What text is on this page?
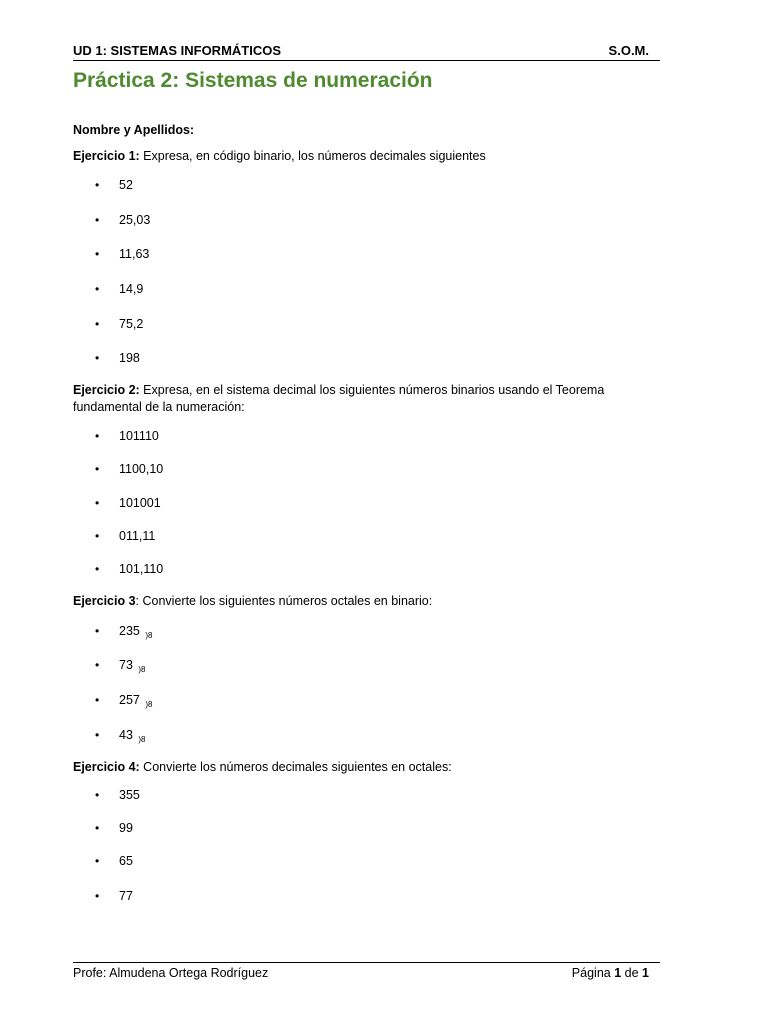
UD 1: SISTEMAS INFORMÁTICOS	S.O.M.
Práctica 2: Sistemas de numeración
Nombre y Apellidos:
Ejercicio 1: Expresa, en código binario, los números decimales siguientes
• 52
• 25,03
• 11,63
• 14,9
• 75,2
• 198
Ejercicio 2: Expresa, en el sistema decimal los siguientes números binarios usando el Teorema
fundamental de la numeración:
• 101110
• 1100,10
• 101001
• 011,11
• 101,110
Ejercicio 3: Convierte los siguientes números octales en binario:
• 235 $_{)8}$
• 73 $_{)8}$
• 257 $_{)8}$
• 43 $_{)8}$
Ejercicio 4: Convierte los números decimales siguientes en octales:
• 355
• 99
• 65
• 77
Profe: Almudena Ortega Rodríguez	Página 1 de 1
